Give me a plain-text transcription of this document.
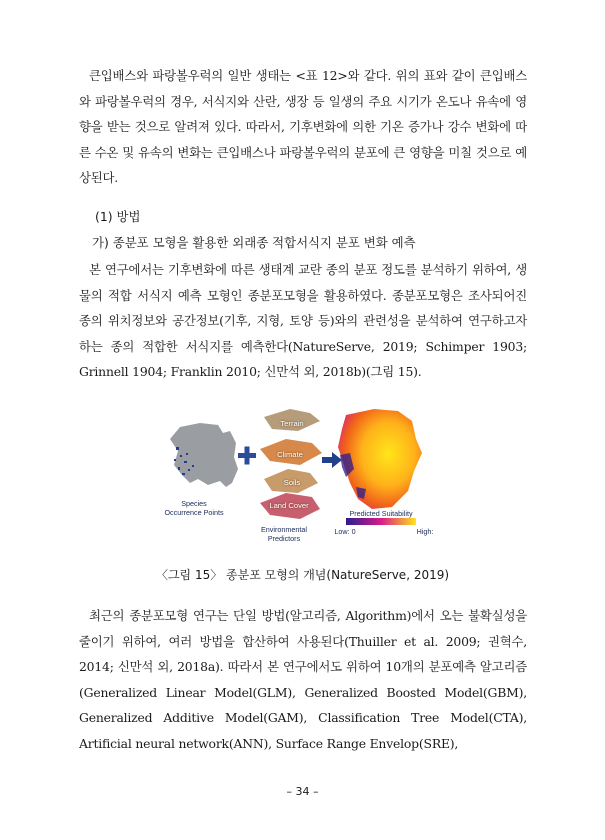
큰입배스와 파랑볼우럭의 일반 생태는 <표 12>와 같다. 위의 표와 같이 큰입배스와 파랑볼우럭의 경우, 서식지와 산란, 생장 등 일생의 주요 시기가 온도나 유속에 영향을 받는 것으로 알려져 있다. 따라서, 기후변화에 의한 기온 증가나 강수 변화에 따른 수온 및 유속의 변화는 큰입배스나 파랑볼우럭의 분포에 큰 영향을 미칠 것으로 예상된다.

(1) 방법
가) 종분포 모형을 활용한 외래종 적합서식지 분포 변화 예측

본 연구에서는 기후변화에 따른 생태계 교란 종의 분포 정도를 분석하기 위하여, 생물의 적합 서식지 예측 모형인 종분포모형을 활용하였다. 종분포모형은 조사되어진 종의 위치정보와 공간정보(기후, 지형, 토양 등)와의 관련성을 분석하여 연구하고자 하는 종의 적합한 서식지를 예측한다(NatureServe, 2019; Schimper 1903; Grinnell 1904; Franklin 2010; 신만석 외, 2018b)(그림 15).

Species Occurrence Points
Terrain
Climate
Soils
Land Cover
Environmental Predictors
Predicted Suitability
Low: 0	High:
〈그림 15〉 종분포 모형의 개념(NatureServe, 2019)

최근의 종분포모형 연구는 단일 방법(알고리즘, Algorithm)에서 오는 불확실성을 줄이기 위하여, 여러 방법을 합산하여 사용된다(Thuiller et al. 2009; 권혁수, 2014; 신만석 외, 2018a). 따라서 본 연구에서도 위하여 10개의 분포예측 알고리즘(Generalized Linear Model(GLM), Generalized Boosted Model(GBM), Generalized Additive Model(GAM), Classification Tree Model(CTA), Artificial neural network(ANN), Surface Range Envelop(SRE),

– 34 –
